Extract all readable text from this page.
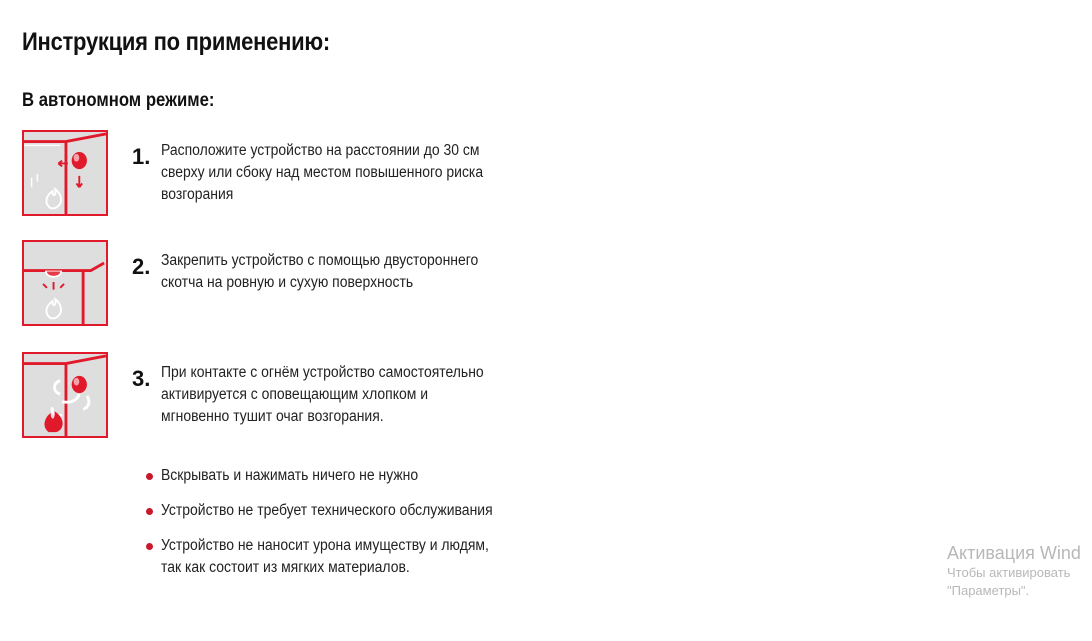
Инструкция по применению:
В автономном режиме:
1. Расположите устройство на расстоянии до 30 см сверху или сбоку над местом повышенного риска возгорания
2. Закрепить устройство с помощью двустороннего скотча на ровную и сухую поверхность
3. При контакте с огнём устройство самостоятельно активируется с оповещающим хлопком и мгновенно тушит очаг возгорания.
Вскрывать и нажимать ничего не нужно
Устройство не требует технического обслуживания
Устройство не наносит урона имуществу и людям, так как состоит из мягких материалов.
Активация Wind
Чтобы активировать
"Параметры".
